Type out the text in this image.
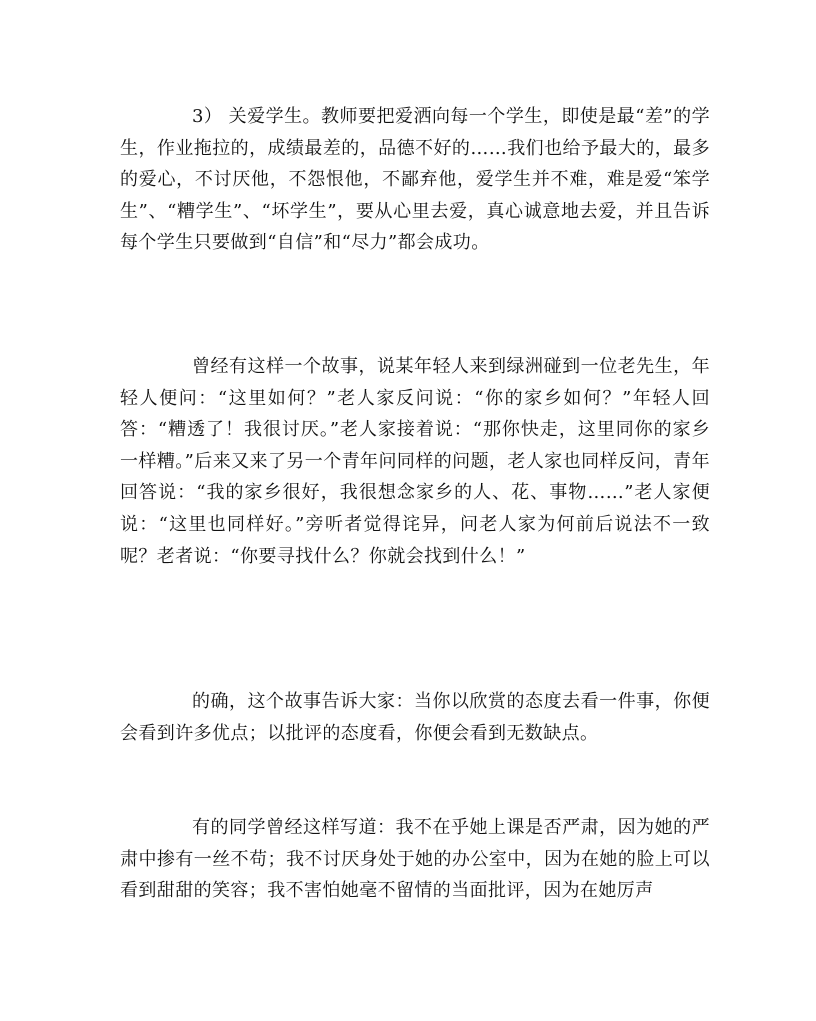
3） 关爱学生。教师要把爱洒向每一个学生，即使是最“差”的学生，作业拖拉的，成绩最差的，品德不好的……我们也给予最大的，最多的爱心，不讨厌他，不怨恨他，不鄙弃他，爱学生并不难，难是爱“笨学生”、“糟学生”、“坏学生”，要从心里去爱，真心诚意地去爱，并且告诉每个学生只要做到“自信”和“尽力”都会成功。

曾经有这样一个故事，说某年轻人来到绿洲碰到一位老先生，年轻人便问：“这里如何？”老人家反问说：“你的家乡如何？”年轻人回答：“糟透了！我很讨厌。”老人家接着说：“那你快走，这里同你的家乡一样糟。”后来又来了另一个青年问同样的问题，老人家也同样反问，青年回答说：“我的家乡很好，我很想念家乡的人、花、事物……”老人家便说：“这里也同样好。”旁听者觉得诧异，问老人家为何前后说法不一致呢？老者说：“你要寻找什么？你就会找到什么！”

的确，这个故事告诉大家：当你以欣赏的态度去看一件事，你便会看到许多优点；以批评的态度看，你便会看到无数缺点。

有的同学曾经这样写道：我不在乎她上课是否严肃，因为她的严肃中掺有一丝不苟；我不讨厌身处于她的办公室中，因为在她的脸上可以看到甜甜的笑容；我不害怕她毫不留情的当面批评，因为在她厉声
